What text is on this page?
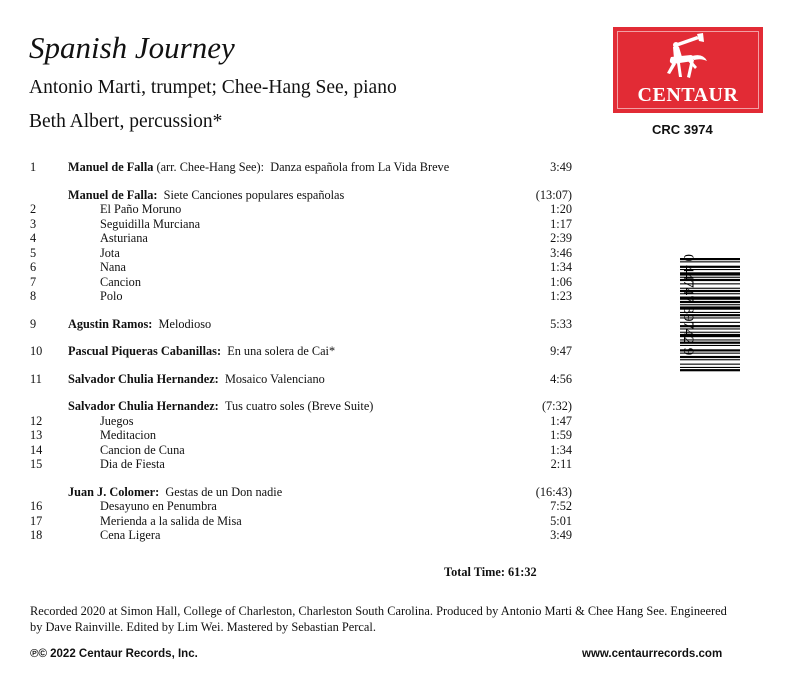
Spanish Journey
Antonio Marti, trumpet; Chee-Hang See, piano
Beth Albert, percussion*
CENTAUR
CRC 3974
1	Manuel de Falla (arr. Chee-Hang See): Danza española from La Vida Breve	3:49
Manuel de Falla: Siete Canciones populares españolas	(13:07)
2	El Paño Moruno	1:20
3	Seguidilla Murciana	1:17
4	Asturiana	2:39
5	Jota	3:46
6	Nana	1:34
7	Cancion	1:06
8	Polo	1:23
9	Agustin Ramos: Melodioso	5:33
10 Pascual Piqueras Cabanillas: En una solera de Cai*	9:47
11 Salvador Chulia Hernandez: Mosaico Valenciano	4:56
Salvador Chulia Hernandez: Tus cuatro soles (Breve Suite)	(7:32)
12	Juegos	1:47
13	Meditacion	1:59
14	Cancion de Cuna	1:34
15	Dia de Fiesta	2:11
Juan J. Colomer: Gestas de un Don nadie	(16:43)
16	Desayuno en Penumbra	7:52
17	Merienda a la salida de Misa	5:01
18	Cena Ligera	3:49
Total Time: 61:32
0 44747 39742 9
Recorded 2020 at Simon Hall, College of Charleston, Charleston South Carolina. Produced by Antonio Marti & Chee Hang See. Engineered by Dave Rainville. Edited by Lim Wei. Mastered by Sebastian Percal.
℗© 2022 Centaur Records, Inc.	www.centaurrecords.com
